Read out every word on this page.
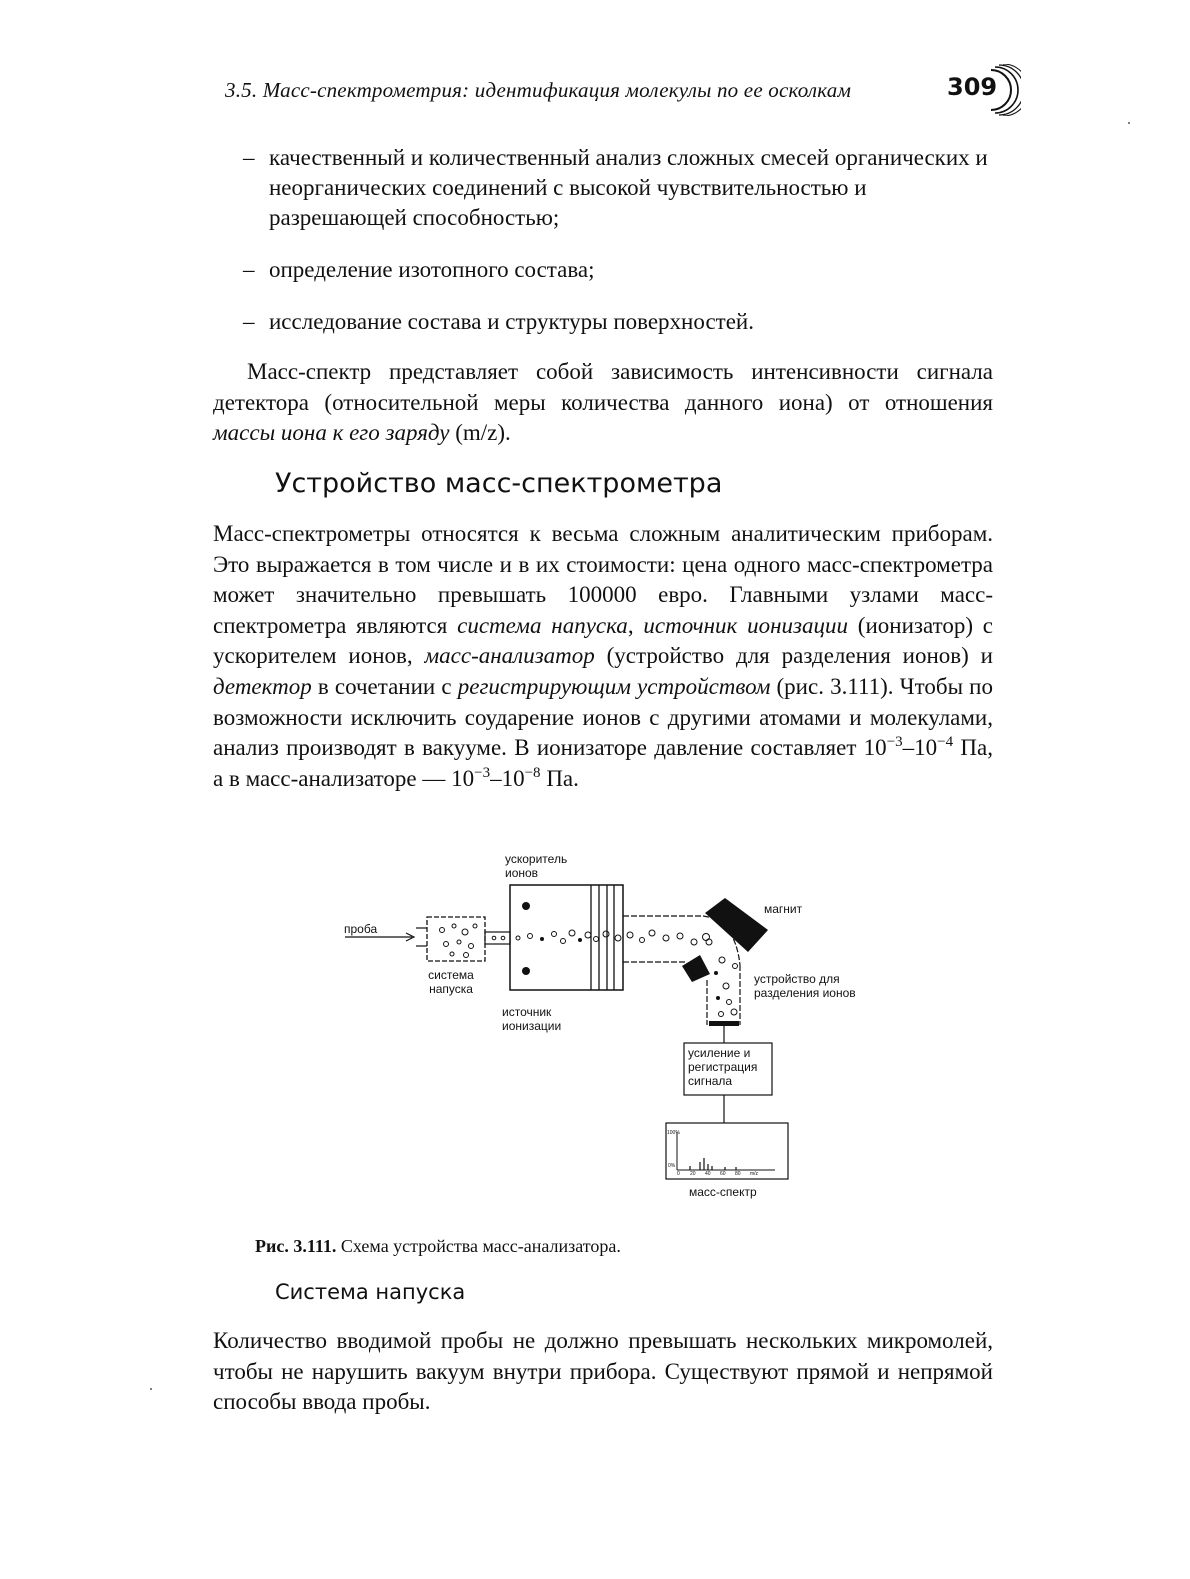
3.5. Масс-спектрометрия: идентификация молекулы по ее осколкам	309
– качественный и количественный анализ сложных смесей органических и неорганических соединений с высокой чувствительностью и разрешающей способностью;
– определение изотопного состава;
– исследование состава и структуры поверхностей.

Масс-спектр представляет собой зависимость интенсивности сигнала детектора (относительной меры количества данного иона) от отношения массы иона к его заряду (m/z).

Устройство масс-спектрометра

Масс-спектрометры относятся к весьма сложным аналитическим приборам. Это выражается в том числе и в их стоимости: цена одного масс-спектрометра может значительно превышать 100000 евро. Главными узлами масс-спектрометра являются система напуска, источник ионизации (ионизатор) с ускорителем ионов, масс-анализатор (устройство для разделения ионов) и детектор в сочетании с регистрирующим устройством (рис. 3.111). Чтобы по возможности исключить соударение ионов с другими атомами и молекулами, анализ производят в вакууме. В ионизаторе давление составляет $10^{-3}-10^{-4}$ Па, а в масс-анализаторе — $10^{-3}-10^{-8}$ Па.

ускоритель ионов
проба
система напуска
источник ионизации
магнит
устройство для разделения ионов
усиление и регистрация сигнала
масс-спектр
100%
0%
0 20 40 60 80 m/z
Рис. 3.111. Схема устройства масс-анализатора.
Система напуска

Количество вводимой пробы не должно превышать нескольких микромолей, чтобы не нарушить вакуум внутри прибора. Существуют прямой и непрямой способы ввода пробы.
